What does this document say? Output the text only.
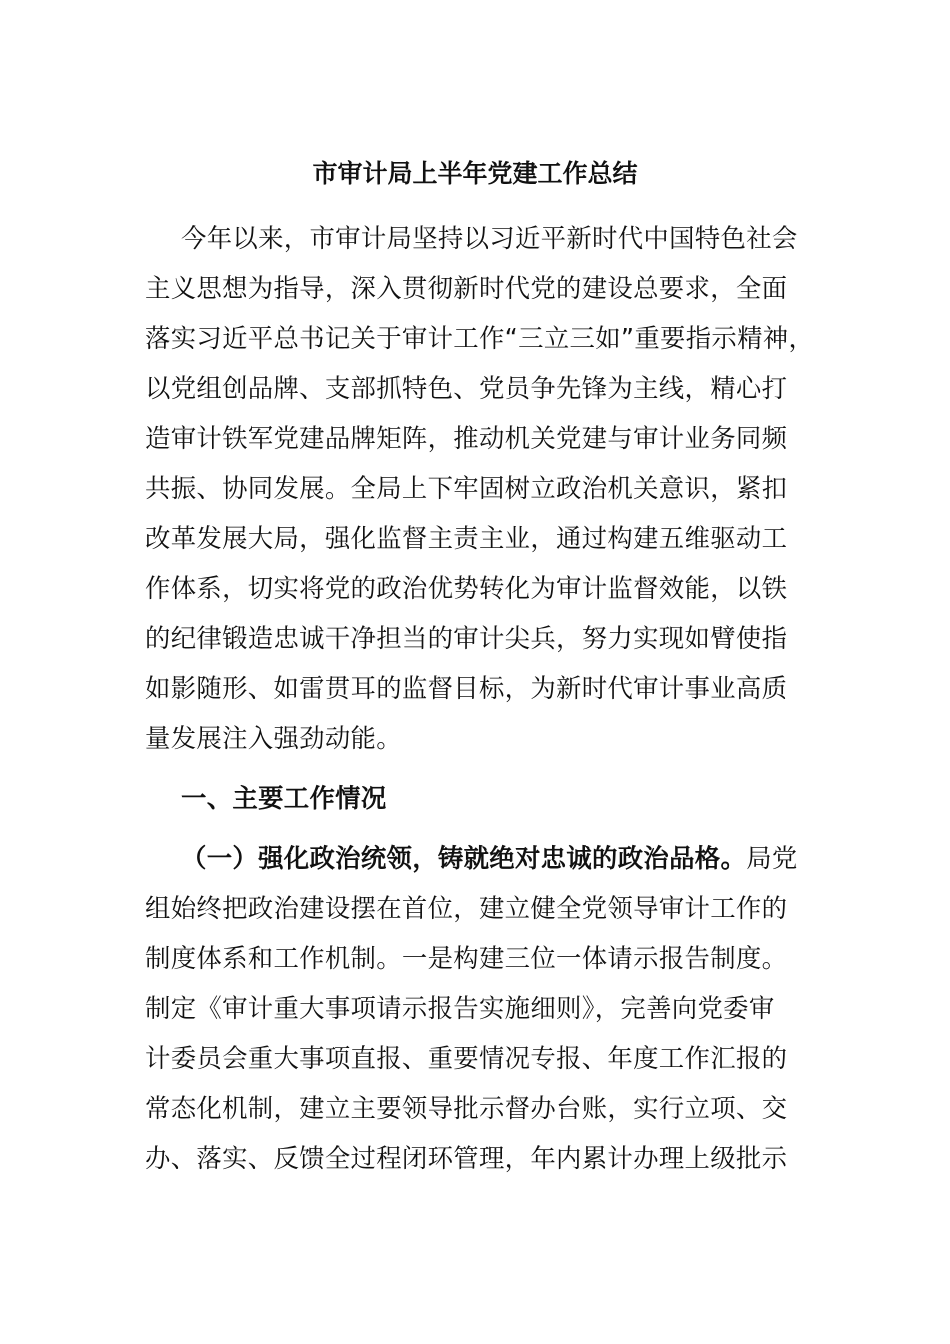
市审计局上半年党建工作总结
今年以来，市审计局坚持以习近平新时代中国特色社会
主义思想为指导，深入贯彻新时代党的建设总要求，全面
落实习近平总书记关于审计工作“三立三如”重要指示精神，
以党组创品牌、支部抓特色、党员争先锋为主线，精心打
造审计铁军党建品牌矩阵，推动机关党建与审计业务同频
共振、协同发展。全局上下牢固树立政治机关意识，紧扣
改革发展大局，强化监督主责主业，通过构建五维驱动工
作体系，切实将党的政治优势转化为审计监督效能，以铁
的纪律锻造忠诚干净担当的审计尖兵，努力实现如臂使指
如影随形、如雷贯耳的监督目标，为新时代审计事业高质
量发展注入强劲动能。
一、主要工作情况
（一）强化政治统领，铸就绝对忠诚的政治品格。局党
组始终把政治建设摆在首位，建立健全党领导审计工作的
制度体系和工作机制。一是构建三位一体请示报告制度。
制定《审计重大事项请示报告实施细则》，完善向党委审
计委员会重大事项直报、重要情况专报、年度工作汇报的
常态化机制，建立主要领导批示督办台账，实行立项、交
办、落实、反馈全过程闭环管理，年内累计办理上级批示
